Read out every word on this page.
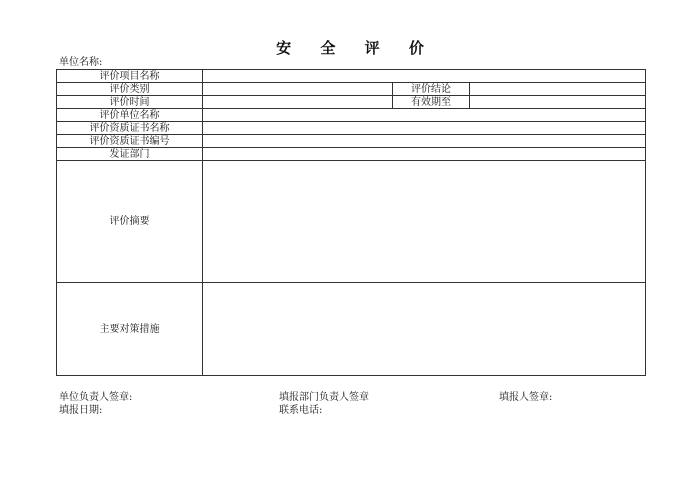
安 全 评 价
单位名称:
评价项目名称			
评价类别		评价结论	
评价时间		有效期至	
评价单位名称			
评价资质证书名称			
评价资质证书编号			
发证部门			
评价摘要			
主要对策措施			
单位负责人签章:
填报日期:
填报部门负责人签章
联系电话:
填报人签章:
